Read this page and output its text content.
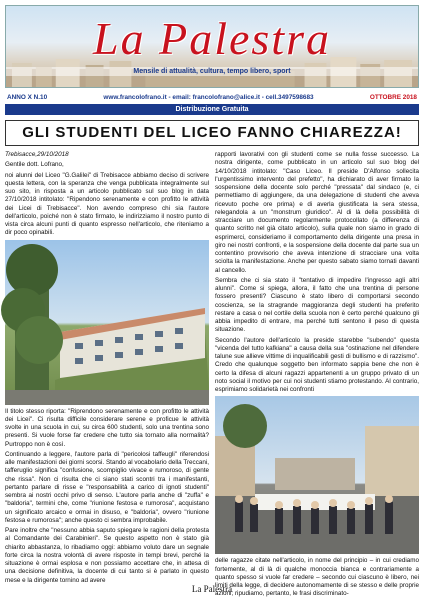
La Palestra
Mensile di attualità, cultura, tempo libero, sport
ANNO X N.10	www.francolofrano.it - email: francolofrano@alice.it - cell.3497598683	OTTOBRE 2018
Distribuzione Gratuita
GLI STUDENTI DEL LICEO FANNO CHIAREZZA!

Trebisacce,29/10/2018

Gentile dott. Lofrano,

noi alunni del Liceo "G.Galilei" di Trebisacce abbiamo deciso di scrivere questa lettera, con la speranza che venga pubblicata integralmente sul suo sito, in risposta a un articolo pubblicato sul suo blog in data 27/10/2018 intitolato: "Ripendono serenamente e con profitto le attività dei Licei di Trebisacce". Non avendo compreso chi sia l'autore dell'articolo, poiché non è stato firmato, le indirizziamo il nostro punto di vista circa alcuni punti di quanto espresso nell'articolo, che riteniamo a dir poco opinabili.

Il titolo stesso riporta: "Riprendono serenamente e con profitto le attività dei Licei". Ci risulta difficile considerare serene e proficue le attività svolte in una scuola in cui, su circa 600 studenti, solo una trentina sono presenti. Si vuole forse far credere che tutto sia tornato alla normalità? Purtroppo non è così.

Continuando a leggere, l'autore parla di "pericolosi taffeugli" riferendosi alle manifestazioni dei giorni scorsi. Stando al vocabolario della Treccani, tafferuglio significa "confusione, scompiglio vivace e rumoroso, di gente che rissa". Non ci risulta che ci siano stati scontri tra i manifestanti, pertanto parlare di risse e "responsabilità a carico di ignoti studenti" sembra ai nostri occhi privo di senso. L'autore parla anche di "zuffa" e "baldoria", termini che, come "riunione festosa e rumorosa", acquistano un significato arcaico e ormai in disuso, e "baldoria", ovvero "riunione festosa e rumorosa"; anche questo ci sembra improbabile.

Pare inoltre che "nessuno abbia saputo spiegare le ragioni della protesta al Comandante dei Carabinieri". Se questo aspetto non è stato già chiarito abbastanza, lo ribadiamo oggi: abbiamo voluto dare un segnale forte circa la nostra volontà di avere risposte in tempi brevi, perché la situazione è ormai esplosa e non possiamo accettare che, in attesa di una decisione definitiva, la docente di cui tanto si è parlato in questo mese e la dirigente tornino ad avere

rapporti lavorativi con gli studenti come se nulla fosse successo. La nostra dirigente, come pubblicato in un articolo sul suo blog del 14/10/2018 intitolato: "Caso Liceo. Il preside D'Alfonso sollecita l'urgentissimo intervento del prefetto", ha dichiarato di aver firmato la sospensione della docente solo perché "pressata" dal sindaco (e, ci permettiamo di aggiungere, da una delegazione di studenti che aveva ricevuto poche ore prima) e di averla giustificata la sera stessa, relegandola a un "monstrum giuridico". Al di là della possibilità di stracciare un documento regolarmente protocollato (a differenza di quanto scritto nel già citato articolo), sulla quale non siamo in grado di esprimerci, consideriamo il comportamento della dirigente una presa in giro nei nostri confronti, e la sospensione della docente dal parte sua un contentino provvisorio che aveva intenzione di stracciare una volta sciolta la manifestazione. Anche per questo sabato siamo tornati davanti al cancello.

Sembra che ci sia stato il "tentativo di impedire l'ingresso agli altri alunni". Come si spiega, allora, il fatto che una trentina di persone fossero presenti? Ciascuno è stato libero di comportarsi secondo coscienza, se la stragrande maggioranza degli studenti ha preferito restare a casa o nel cortile della scuola non è certo perché qualcuno gli abbia impedito di entrare, ma perché tutti sentono il peso di questa situazione.

Secondo l'autore dell'articolo la preside starebbe "subendo" questa "vicenda del tutto kafkiana" a causa della sua "ostinazione nel difendere talune sue allieve vittime di inqualificabili gesti di bullismo e di razzismo". Credo che qualunque soggetto ben informato sappia bene che non è certo la difesa di alcuni ragazzi appartenenti a un gruppo privato di un noto social il motivo per cui noi studenti stiamo protestando. Al contrario, esprimiamo solidarietà nei confronti

delle ragazze citate nell'articolo, in nome del principio – in cui crediamo fortemente, al di là di qualche monoccia bianca e contrariamente a quanto spesso si vuole far credere – secondo cui ciascuno è libero, nei limiti della legge, di decidere autonomamente di se stesso e delle proprie azioni; ripudiamo, pertanto, le frasi discriminato-

La Palestra
